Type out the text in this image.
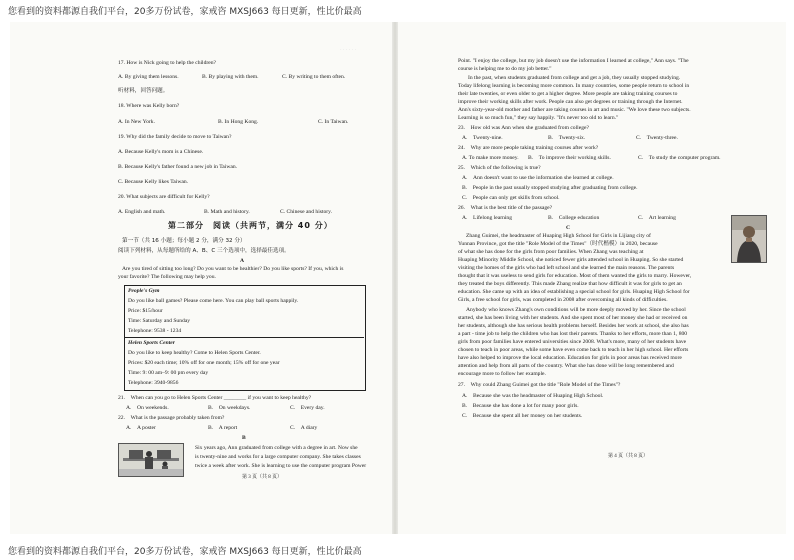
您看到的资料都源自我们平台，20多万份试卷，家戒咨 MXSJ663 每日更新，性比价最高
您看到的资料都源自我们平台，20多万份试卷，家戒咨 MXSJ663 每日更新，性比价最高
· · · · · ·
17. How is Nick going to help the children?
A. By giving them lessons.	B. By playing with them.	C. By writing to them often.
听材料，回答问题。
18. Where was Kelly born?
A. In New York.	B. In Hong Kong.	C. In Taiwan.
19. Why did the family decide to move to Taiwan?
A. Because Kelly's mom is a Chinese.
B. Because Kelly's father found a new job in Taiwan.
C. Because Kelly likes Taiwan.
20. What subjects are difficult for Kelly?
A. English and math.	B. Math and history.	C. Chinese and history.
第二部分　阅读（共两节，满分 40 分）
第一节（共 16 小题；每小题 2 分，满分 32 分）
阅读下列材料，从每题所给的 A、B、C 三个选项中，选择最佳选项。
A
Are you tired of sitting too long? Do you want to be healthier? Do you like sports? If you, which is
your favorite? The following may help you.
People's Gym
Do you like ball games? Please come here. You can play ball sports happily.
Price: $15/hour
Time: Saturday and Sunday
Telephone: 9538 - 1234
Helen Sports Center
Do you like to keep healthy? Come to Helen Sports Center.
Prices: $20 each time; 10% off for one month; 15% off for one year
Time: 9: 00 am–9: 00 pm every day
Telephone: 3940-9856
21.　When can you go to Helen Sports Center ________ if you want to keep healthy?
A.　On weekends.	B.　On weekdays.	C.　Every day.
22.　What is the passage probably taken from?
A.　A poster	B.　A report	C.　A diary
B
Six years ago, Ann graduated from college with a degree in art. Now she
is twenty-nine and works for a large computer company. She takes classes
twice a week after work. She is learning to use the computer program Power
第 3 页（共 8 页）
Point. "I enjoy the college, but my job doesn't use the information I learned at college," Ann says. "The
course is helping me to do my job better."
In the past, when students graduated from college and get a job, they usually stopped studying.
Today lifelong learning is becoming more common. In many countries, some people return to school in
their late twenties, or even older to get a higher degree. More people are taking training courses to
improve their working skills after work. People can also get degrees or training through the Internet.
Ann's sixty-year-old mother and father are taking courses in art and music. "We love these two subjects.
Learning is so much fun," they say happily. "It's never too old to learn."
23.　How old was Ann when she graduated from college?
A.　Twenty-nine.	B.　Twenty-six.	C.　Twenty-three.
24.　Why are more people taking training courses after work?
A. To make more money. B.　To improve their working skills.	C.　To study the computer program.
25.　Which of the following is true?
A.　Ann doesn't want to use the information she learned at college.
B.　People in the past usually stopped studying after graduating from college.
C.　People can only get skills from school.
26.　What is the best title of the passage?
A.　Lifelong learning	B.　College education	C.　Art learning
C
Zhang Guimei, the headmaster of Huaping High School for Girls in Lijiang city of
Yunnan Province, got the title "Role Model of the Times"（时代楷模）in 2020, because
of what she has done for the girls from poor families. When Zhang was teaching at
Huaping Minority Middle School, she noticed fewer girls attended school in Huaping. So she started
visiting the homes of the girls who had left school and she learned the main reasons. The parents
thought that it was useless to send girls for education. Most of them wanted the girls to marry. However,
they treated the boys differently. This made Zhang realize that how difficult it was for girls to get an
education. She came up with an idea of establishing a special school for girls. Huaping High School for
Girls, a free school for girls, was completed in 2008 after overcoming all kinds of difficulties.
Anybody who knows Zhang's own conditions will be more deeply moved by her. Since the school
started, she has been living with her students. And she spent most of her money she had or received on
her students, although she has serious health problems herself. Besides her work at school, she also has
a part - time job to help the children who has lost their parents. Thanks to her efforts, more than 1, 800
girls from poor families have entered universities since 2008. What's more, many of her students have
chosen to teach in poor areas, while some have even come back to teach in her high school. Her efforts
have also helped to improve the local education. Education for girls in poor areas has received more
attention and help from all parts of the country. What she has done will be long remembered and
encourage more to follow her example.
27.　Why could Zhang Guimei got the title "Role Model of the Times"?
A.　Because she was the headmaster of Huaping High School.
B.　Because she has done a lot for many poor girls.
C.　Because she spent all her money on her students.
第 4 页（共 8 页）
